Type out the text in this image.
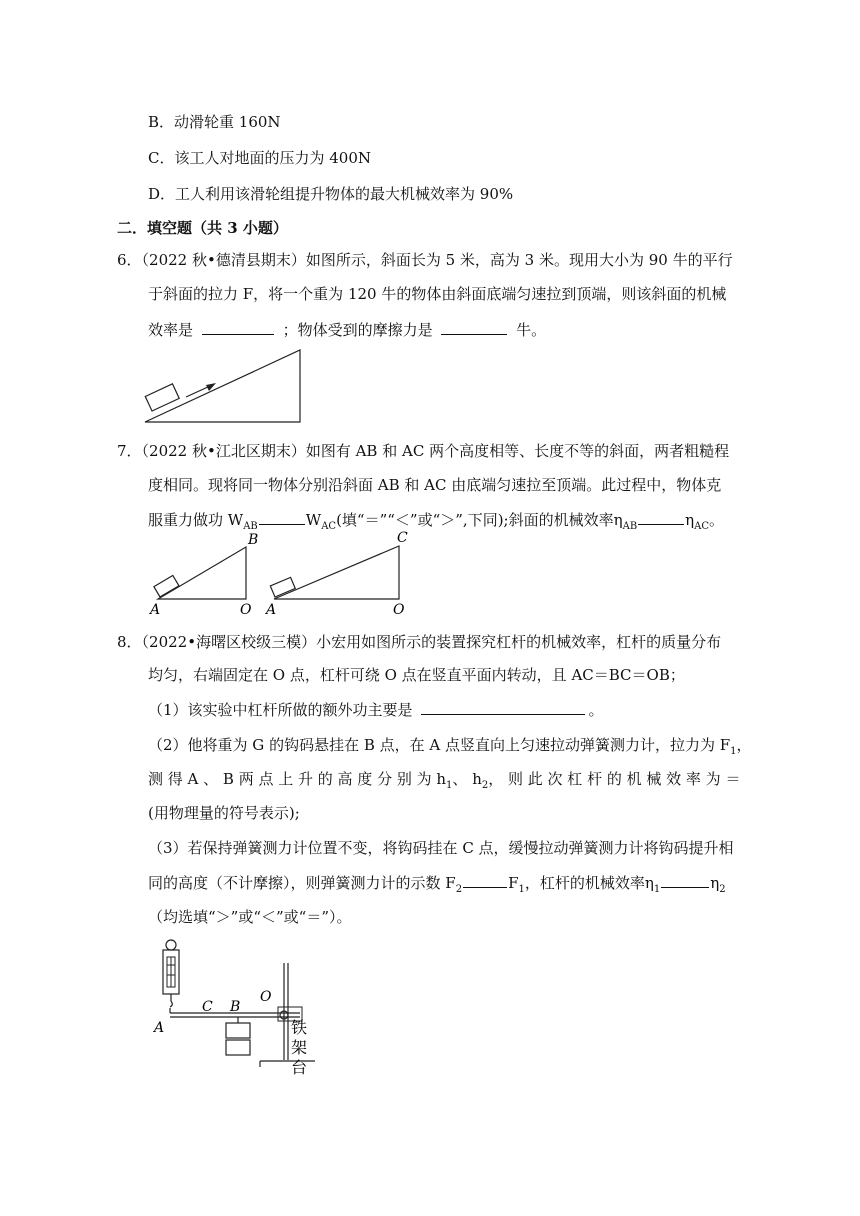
B．动滑轮重 160N
C．该工人对地面的压力为 400N
D．工人利用该滑轮组提升物体的最大机械效率为 90%
二．填空题（共 3 小题）
6．（2022 秋•德清县期末）如图所示，斜面长为 5 米，高为 3 米。现用大小为 90 牛的平行
于斜面的拉力 F，将一个重为 120 牛的物体由斜面底端匀速拉到顶端，则该斜面的机械
效率是	；物体受到的摩擦力是	牛。
7．（2022 秋•江北区期末）如图有 AB 和 AC 两个高度相等、长度不等的斜面，两者粗糙程
度相同。现将同一物体分别沿斜面 AB 和 AC 由底端匀速拉至顶端。此过程中，物体克
服重力做功 $W_{AB}$	$W_{AC}$(填“＝”“＜”或“＞”,下同);斜面的机械效率$\eta_{AB}$	$\eta_{AC}$。
B
A	O
C
A	O
8．（2022•海曙区校级三模）小宏用如图所示的装置探究杠杆的机械效率，杠杆的质量分布
均匀，右端固定在 O 点，杠杆可绕 O 点在竖直平面内转动，且 AC＝BC＝OB；
（1）该实验中杠杆所做的额外功主要是	。
（2）他将重为 G 的钩码悬挂在 B 点，在 A 点竖直向上匀速拉动弹簧测力计，拉力为 $F_1$，
测 得 A 、 B 两 点 上 升 的 高 度 分 别 为 $h_1$、 $h_2$， 则 此 次 杠 杆 的 机 械 效 率 为 ＝
(用物理量的符号表示);
（3）若保持弹簧测力计位置不变，将钩码挂在 C 点，缓慢拉动弹簧测力计将钩码提升相
同的高度（不计摩擦），则弹簧测力计的示数 $F_2$	$F_1$，杠杆的机械效率$\eta_1$	$\eta_2$
（均选填“＞”或“＜”或“＝”）。
A
C B
O
铁
架
台
